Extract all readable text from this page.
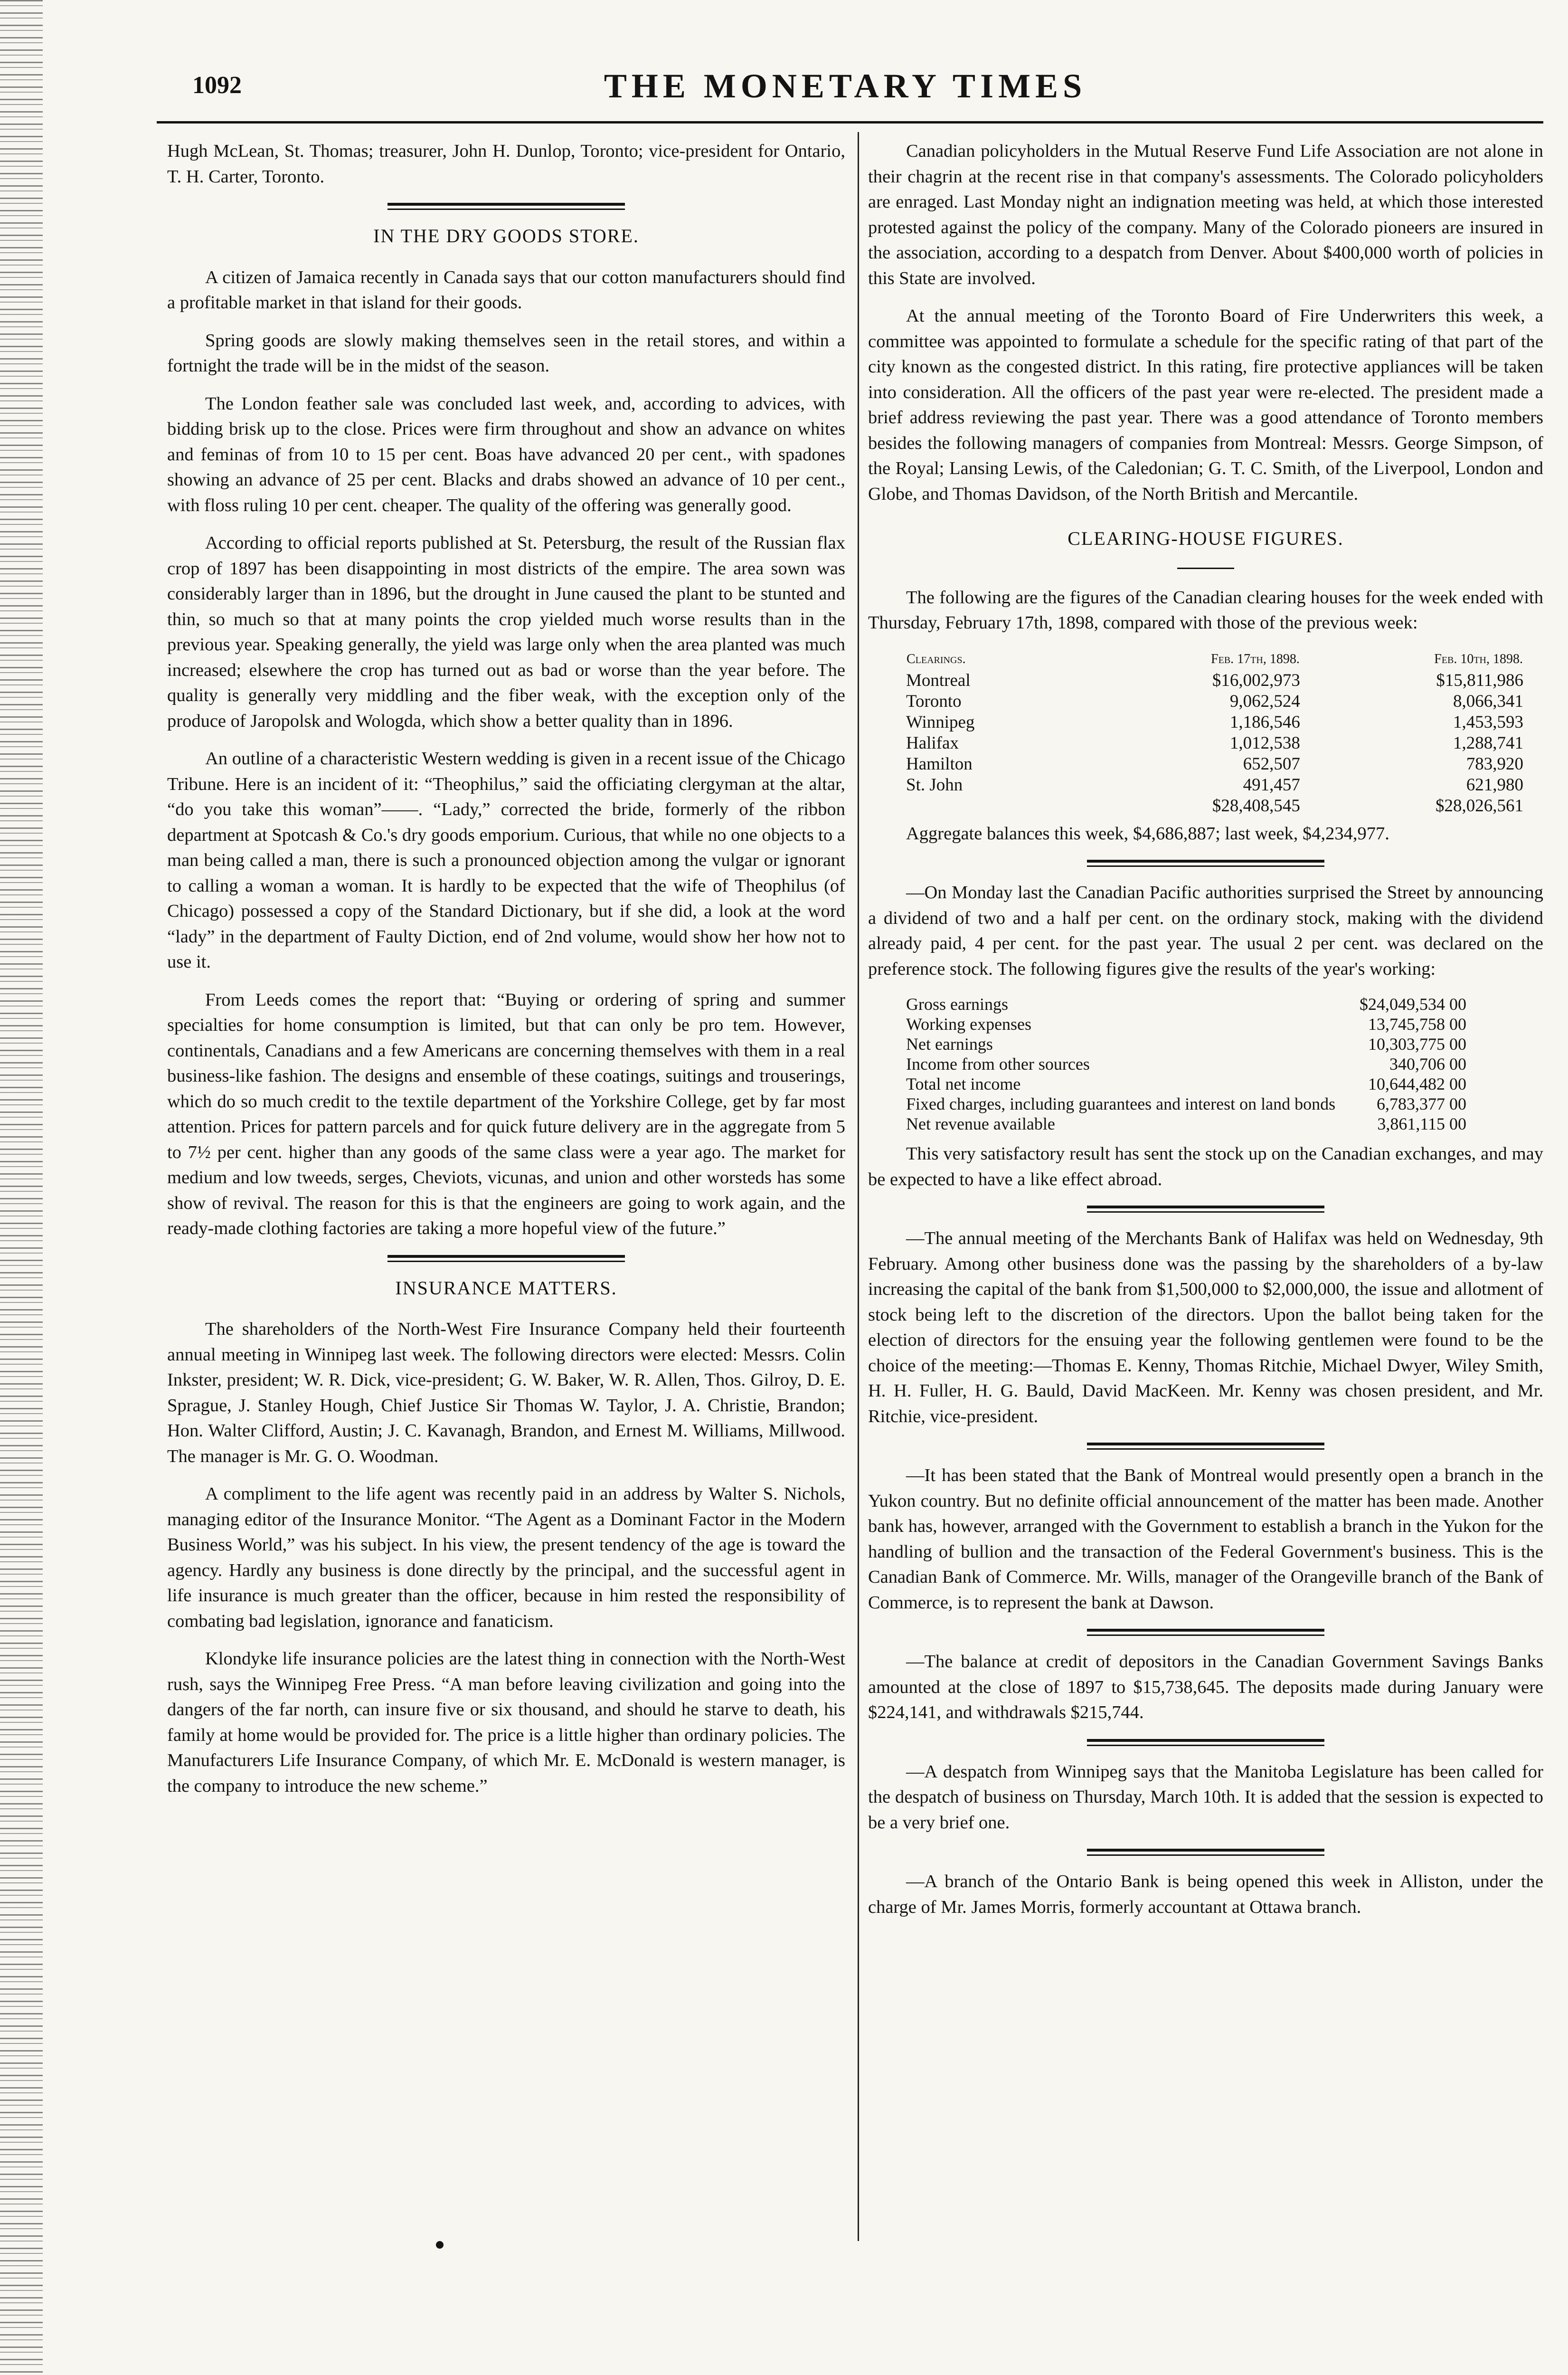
1092	THE MONETARY TIMES

Hugh McLean, St. Thomas; treasurer, John H. Dunlop, Toronto; vice-president for Ontario, T. H. Carter, Toronto.

IN THE DRY GOODS STORE.

A citizen of Jamaica recently in Canada says that our cotton manufacturers should find a profitable market in that island for their goods.

Spring goods are slowly making themselves seen in the retail stores, and within a fortnight the trade will be in the midst of the season.

The London feather sale was concluded last week, and, according to advices, with bidding brisk up to the close. Prices were firm throughout and show an advance on whites and feminas of from 10 to 15 per cent. Boas have advanced 20 per cent., with spadones showing an advance of 25 per cent. Blacks and drabs showed an advance of 10 per cent., with floss ruling 10 per cent. cheaper. The quality of the offering was generally good.

According to official reports published at St. Petersburg, the result of the Russian flax crop of 1897 has been disappointing in most districts of the empire. The area sown was considerably larger than in 1896, but the drought in June caused the plant to be stunted and thin, so much so that at many points the crop yielded much worse results than in the previous year. Speaking generally, the yield was large only when the area planted was much increased; elsewhere the crop has turned out as bad or worse than the year before. The quality is generally very middling and the fiber weak, with the exception only of the produce of Jaropolsk and Wologda, which show a better quality than in 1896.

An outline of a characteristic Western wedding is given in a recent issue of the Chicago Tribune. Here is an incident of it: “Theophilus,” said the officiating clergyman at the altar, “do you take this woman”——. “Lady,” corrected the bride, formerly of the ribbon department at Spotcash & Co.'s dry goods emporium. Curious, that while no one objects to a man being called a man, there is such a pronounced objection among the vulgar or ignorant to calling a woman a woman. It is hardly to be expected that the wife of Theophilus (of Chicago) possessed a copy of the Standard Dictionary, but if she did, a look at the word “lady” in the department of Faulty Diction, end of 2nd volume, would show her how not to use it.

From Leeds comes the report that: “Buying or ordering of spring and summer specialties for home consumption is limited, but that can only be pro tem. However, continentals, Canadians and a few Americans are concerning themselves with them in a real business-like fashion. The designs and ensemble of these coatings, suitings and trouserings, which do so much credit to the textile department of the Yorkshire College, get by far most attention. Prices for pattern parcels and for quick future delivery are in the aggregate from 5 to 7½ per cent. higher than any goods of the same class were a year ago. The market for medium and low tweeds, serges, Cheviots, vicunas, and union and other worsteds has some show of revival. The reason for this is that the engineers are going to work again, and the ready-made clothing factories are taking a more hopeful view of the future.”

INSURANCE MATTERS.

The shareholders of the North-West Fire Insurance Company held their fourteenth annual meeting in Winnipeg last week. The following directors were elected: Messrs. Colin Inkster, president; W. R. Dick, vice-president; G. W. Baker, W. R. Allen, Thos. Gilroy, D. E. Sprague, J. Stanley Hough, Chief Justice Sir Thomas W. Taylor, J. A. Christie, Brandon; Hon. Walter Clifford, Austin; J. C. Kavanagh, Brandon, and Ernest M. Williams, Millwood. The manager is Mr. G. O. Woodman.

A compliment to the life agent was recently paid in an address by Walter S. Nichols, managing editor of the Insurance Monitor. “The Agent as a Dominant Factor in the Modern Business World,” was his subject. In his view, the present tendency of the age is toward the agency. Hardly any business is done directly by the principal, and the successful agent in life insurance is much greater than the officer, because in him rested the responsibility of combating bad legislation, ignorance and fanaticism.

Klondyke life insurance policies are the latest thing in connection with the North-West rush, says the Winnipeg Free Press. “A man before leaving civilization and going into the dangers of the far north, can insure five or six thousand, and should he starve to death, his family at home would be provided for. The price is a little higher than ordinary policies. The Manufacturers Life Insurance Company, of which Mr. E. McDonald is western manager, is the company to introduce the new scheme.”

Canadian policyholders in the Mutual Reserve Fund Life Association are not alone in their chagrin at the recent rise in that company's assessments. The Colorado policyholders are enraged. Last Monday night an indignation meeting was held, at which those interested protested against the policy of the company. Many of the Colorado pioneers are insured in the association, according to a despatch from Denver. About $400,000 worth of policies in this State are involved.

At the annual meeting of the Toronto Board of Fire Underwriters this week, a committee was appointed to formulate a schedule for the specific rating of that part of the city known as the congested district. In this rating, fire protective appliances will be taken into consideration. All the officers of the past year were re-elected. The president made a brief address reviewing the past year. There was a good attendance of Toronto members besides the following managers of companies from Montreal: Messrs. George Simpson, of the Royal; Lansing Lewis, of the Caledonian; G. T. C. Smith, of the Liverpool, London and Globe, and Thomas Davidson, of the North British and Mercantile.

CLEARING-HOUSE FIGURES.

The following are the figures of the Canadian clearing houses for the week ended with Thursday, February 17th, 1898, compared with those of the previous week:

Clearings.	Feb. 17th, 1898.	Feb. 10th, 1898.
Montreal	$16,002,973	$15,811,986
Toronto	9,062,524	8,066,341
Winnipeg	1,186,546	1,453,593
Halifax	1,012,538	1,288,741
Hamilton	652,507	783,920
St. John	491,457	621,980
	$28,408,545	$28,026,561

Aggregate balances this week, $4,686,887; last week, $4,234,977.

—On Monday last the Canadian Pacific authorities surprised the Street by announcing a dividend of two and a half per cent. on the ordinary stock, making with the dividend already paid, 4 per cent. for the past year. The usual 2 per cent. was declared on the preference stock. The following figures give the results of the year's working:

Gross earnings	$24,049,534 00
Working expenses	13,745,758 00
Net earnings	10,303,775 00
Income from other sources	340,706 00
Total net income	10,644,482 00
Fixed charges, including guarantees and interest on land bonds	6,783,377 00
Net revenue available	3,861,115 00

This very satisfactory result has sent the stock up on the Canadian exchanges, and may be expected to have a like effect abroad.

—The annual meeting of the Merchants Bank of Halifax was held on Wednesday, 9th February. Among other business done was the passing by the shareholders of a by-law increasing the capital of the bank from $1,500,000 to $2,000,000, the issue and allotment of stock being left to the discretion of the directors. Upon the ballot being taken for the election of directors for the ensuing year the following gentlemen were found to be the choice of the meeting:—Thomas E. Kenny, Thomas Ritchie, Michael Dwyer, Wiley Smith, H. H. Fuller, H. G. Bauld, David MacKeen. Mr. Kenny was chosen president, and Mr. Ritchie, vice-president.

—It has been stated that the Bank of Montreal would presently open a branch in the Yukon country. But no definite official announcement of the matter has been made. Another bank has, however, arranged with the Government to establish a branch in the Yukon for the handling of bullion and the transaction of the Federal Government's business. This is the Canadian Bank of Commerce. Mr. Wills, manager of the Orangeville branch of the Bank of Commerce, is to represent the bank at Dawson.

—The balance at credit of depositors in the Canadian Government Savings Banks amounted at the close of 1897 to $15,738,645. The deposits made during January were $224,141, and withdrawals $215,744.

—A despatch from Winnipeg says that the Manitoba Legislature has been called for the despatch of business on Thursday, March 10th. It is added that the session is expected to be a very brief one.

—A branch of the Ontario Bank is being opened this week in Alliston, under the charge of Mr. James Morris, formerly accountant at Ottawa branch.
